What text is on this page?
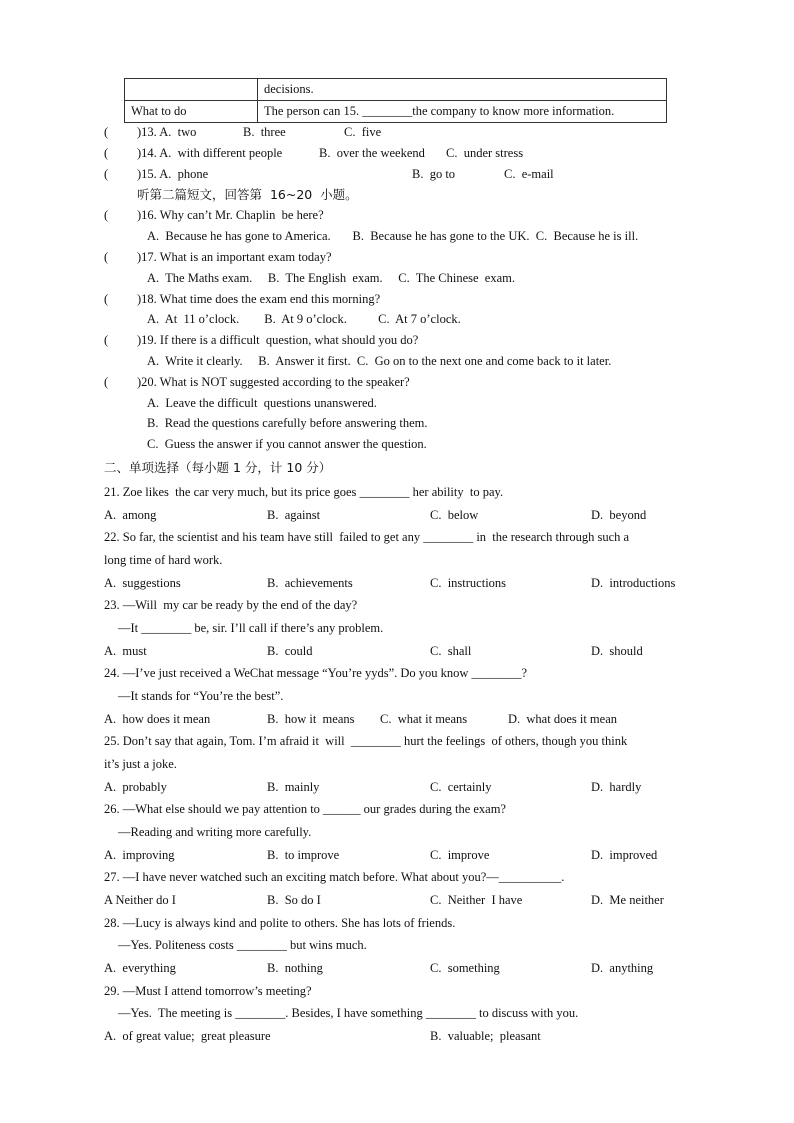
	decisions.
What to do	The person can 15. ________the company to know more information.
( )13. A.  two	B.  three	C.  five
( )14. A.  with different people	B.  over the weekend C.  under stress
( )15. A.  phone	B.  go to	C.  e-mail
听第二篇短文，回答第  16~20  小题。
( )16. Why can’t Mr. Chaplin  be here?
A.  Because he has gone to America.       B.  Because he has gone to the UK.  C.  Because he is ill.
( )17. What is an important exam today?
A.  The Maths exam.     B.  The English  exam.     C.  The Chinese  exam.
( )18. What time does the exam end this morning?
A.  At  11 o’clock.        B.  At 9 o’clock.          C.  At 7 o’clock.
( )19. If there is a difficult  question, what should you do?
A.  Write it clearly.     B.  Answer it first.  C.  Go on to the next one and come back to it later.
( )20. What is NOT suggested according to the speaker?
A.  Leave the difficult  questions unanswered.
B.  Read the questions carefully before answering them.
C.  Guess the answer if you cannot answer the question.
二、单项选择（每小题 1 分，计 10 分）
21. Zoe likes  the car very much, but its price goes ________ her ability  to pay.
A.  among	B.  against	C.  below	D.  beyond
22. So far, the scientist and his team have still  failed to get any ________ in  the research through such a
long time of hard work.
A.  suggestions	B.  achievements	C.  instructions	D.  introductions
23. —Will  my car be ready by the end of the day?
—It ________ be, sir. I’ll call if there’s any problem.
A.  must	B.  could	C.  shall	D.  should
24. —I’ve just received a WeChat message “You’re yyds”. Do you know ________?
—It stands for “You’re the best”.
A.  how does it mean	B.  how it  means C.  what it means	D.  what does it mean
25. Don’t say that again, Tom. I’m afraid it  will  ________ hurt the feelings  of others, though you think
it’s just a joke.
A.  probably	B.  mainly	C.  certainly	D.  hardly
26. —What else should we pay attention to ______ our grades during the exam?
—Reading and writing more carefully.
A.  improving	B.  to improve	C.  improve	D.  improved
27. —I have never watched such an exciting match before. What about you?—__________.
A Neither do I	B.  So do I	C.  Neither  I have	D.  Me neither
28. —Lucy is always kind and polite to others. She has lots of friends.
—Yes. Politeness costs ________ but wins much.
A.  everything	B.  nothing	C.  something	D.  anything
29. —Must I attend tomorrow’s meeting?
—Yes.  The meeting is ________. Besides, I have something ________ to discuss with you.
A.  of great value;  great pleasure	B.  valuable;  pleasant
